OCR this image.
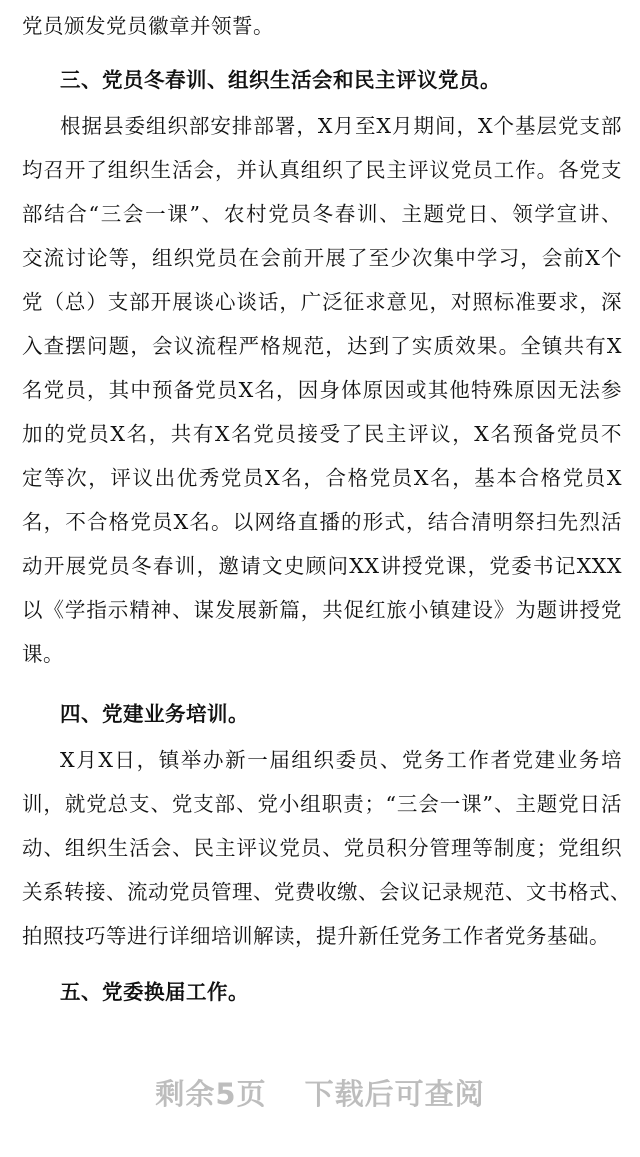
党员颁发党员徽章并领誓。
三、党员冬春训、组织生活会和民主评议党员。
根据县委组织部安排部署，X月至X月期间，X个基层党支部
均召开了组织生活会，并认真组织了民主评议党员工作。各党支
部结合“三会一课”、农村党员冬春训、主题党日、领学宣讲、
交流讨论等，组织党员在会前开展了至少次集中学习，会前X个
党（总）支部开展谈心谈话，广泛征求意见，对照标准要求，深
入查摆问题，会议流程严格规范，达到了实质效果。全镇共有X
名党员，其中预备党员X名，因身体原因或其他特殊原因无法参
加的党员X名，共有X名党员接受了民主评议，X名预备党员不
定等次，评议出优秀党员X名，合格党员X名，基本合格党员X
名，不合格党员X名。以网络直播的形式，结合清明祭扫先烈活
动开展党员冬春训，邀请文史顾问XX讲授党课，党委书记XXX
以《学指示精神、谋发展新篇，共促红旅小镇建设》为题讲授党
课。
四、党建业务培训。
X月X日，镇举办新一届组织委员、党务工作者党建业务培
训，就党总支、党支部、党小组职责；“三会一课”、主题党日活
动、组织生活会、民主评议党员、党员积分管理等制度；党组织
关系转接、流动党员管理、党费收缴、会议记录规范、文书格式、
拍照技巧等进行详细培训解读，提升新任党务工作者党务基础。
五、党委换届工作。
剩余5页 下载后可查阅
